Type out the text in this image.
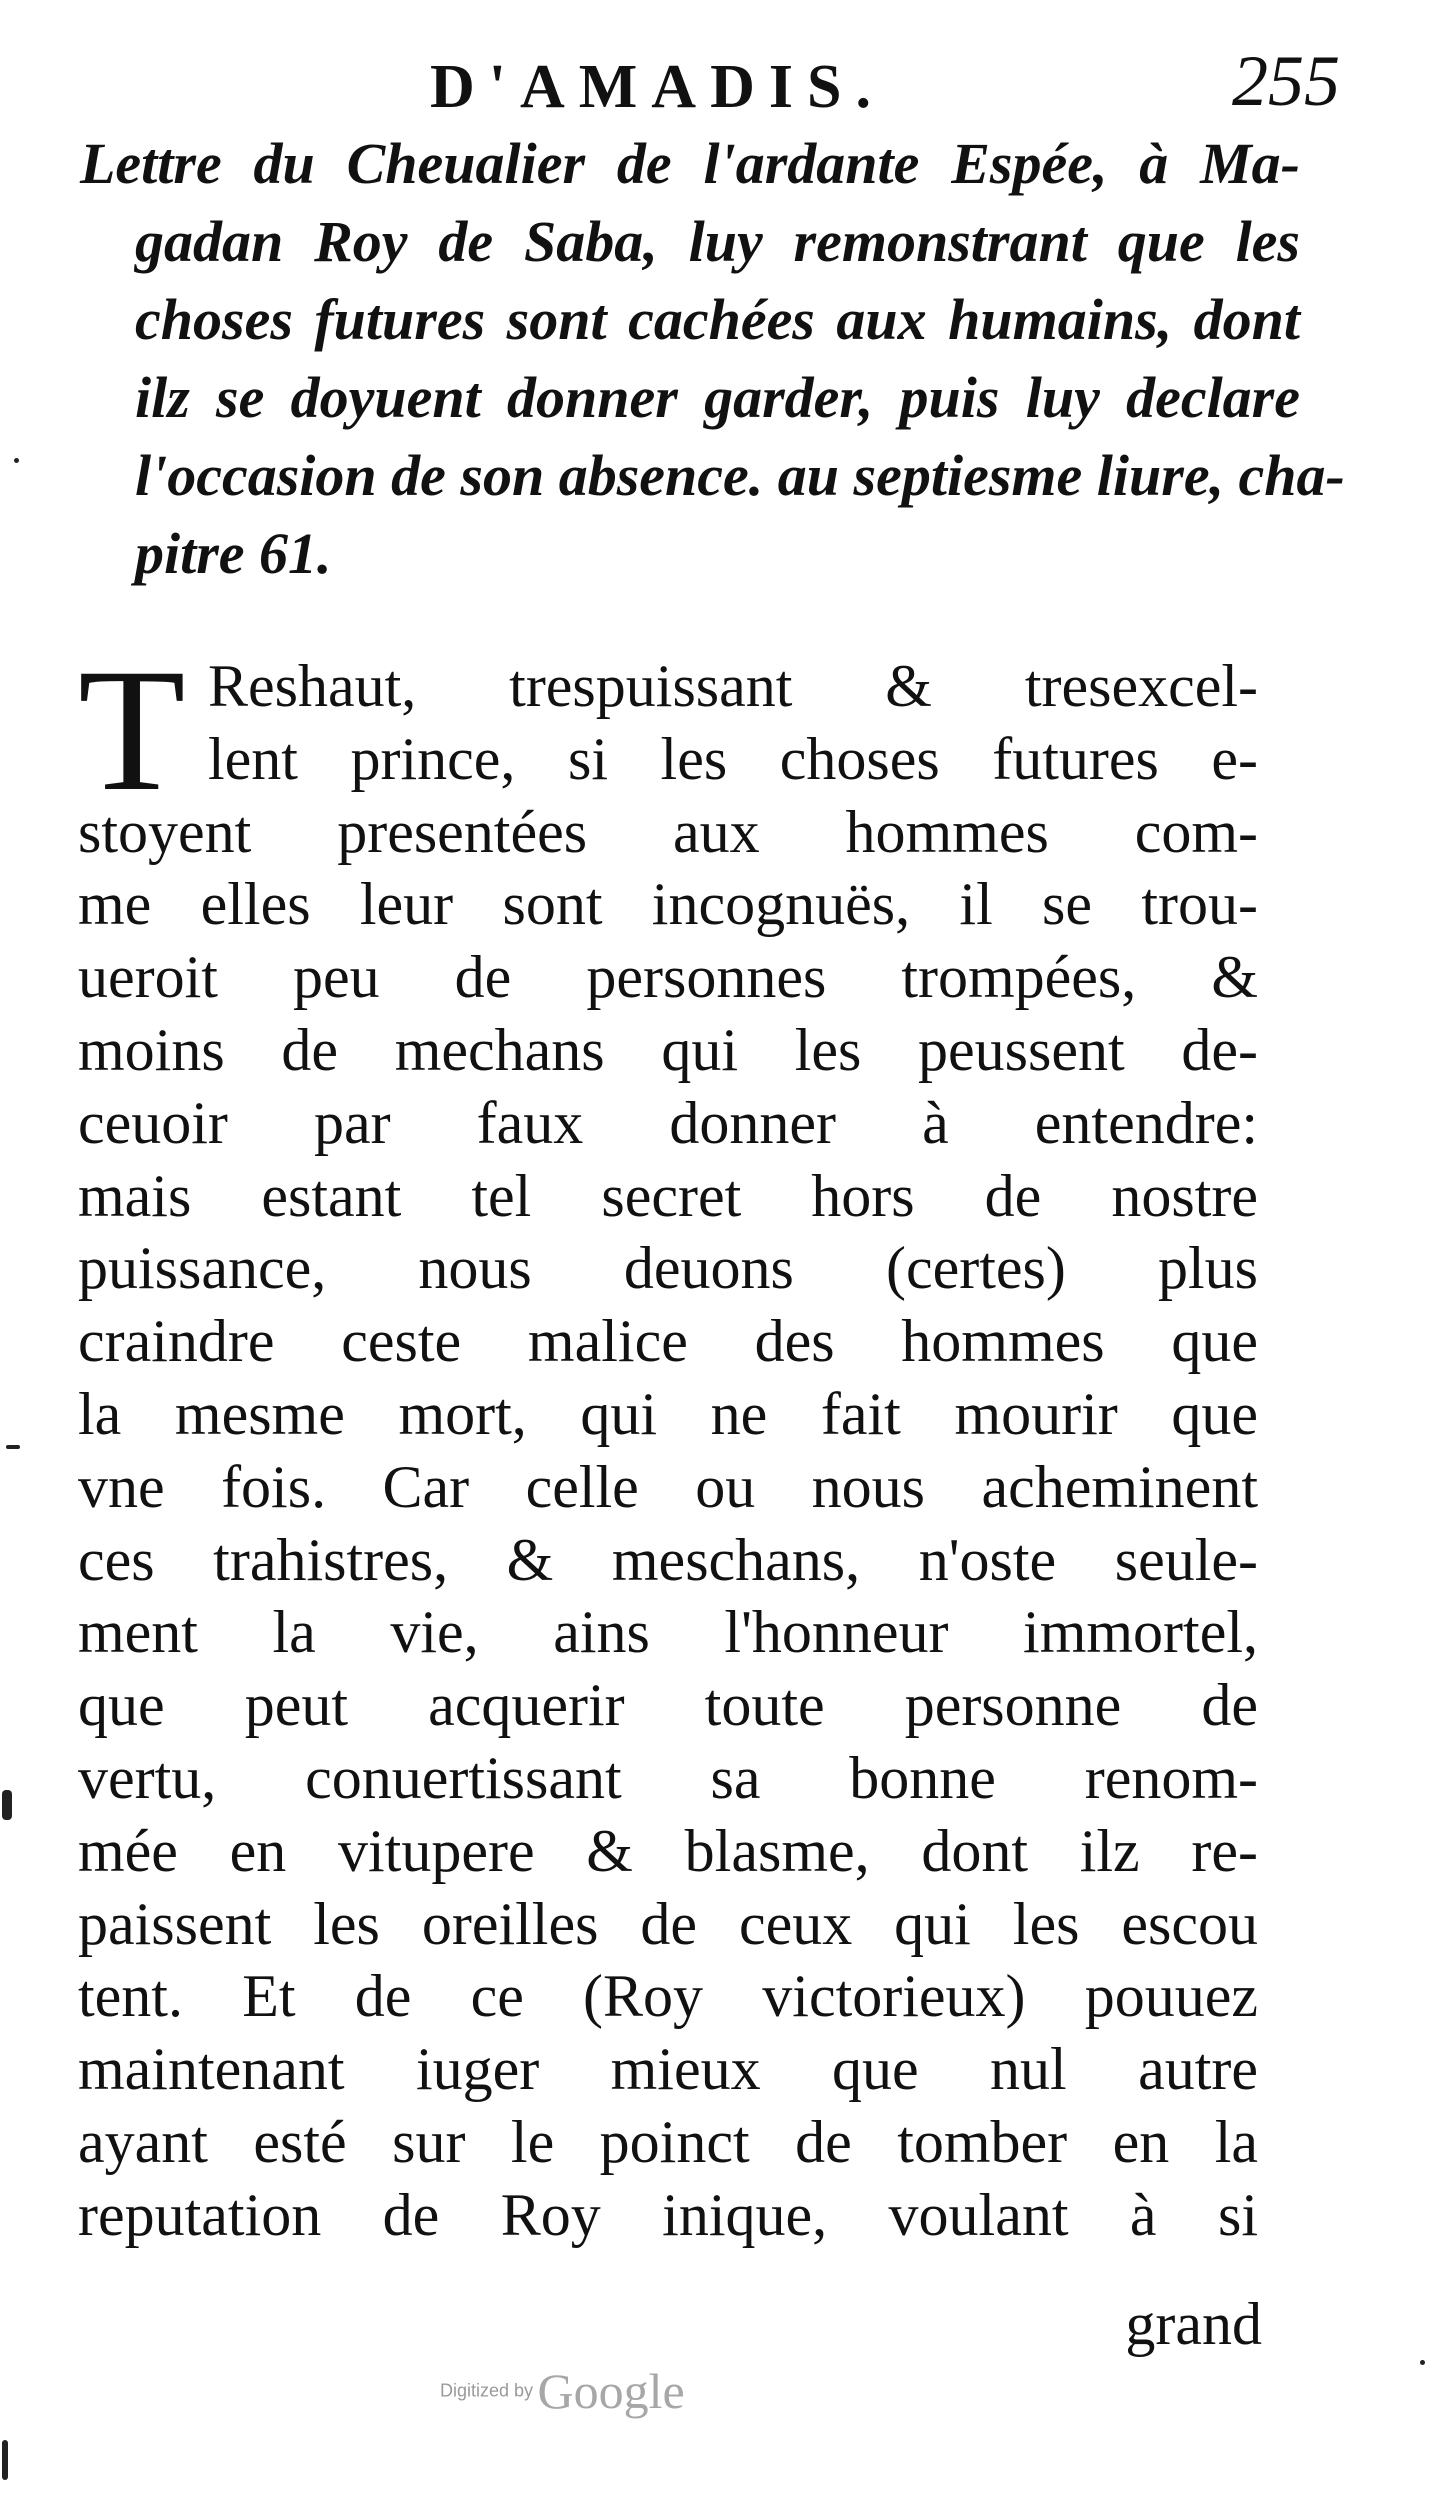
D'AMADIS.	255
Lettre du Cheualier de l'ardante Espée, à Ma-
gadan Roy de Saba, luy remonstrant que les
choses futures sont cachées aux humains, dont
ilz se doyuent donner garder, puis luy declare
l'occasion de son absence. au septiesme liure, cha-
pitre 61.
T Reshaut, trespuissant & tresexcel-
lent prince, si les choses futures e-
stoyent presentées aux hommes com-
me elles leur sont incognuës, il se trou-
ueroit peu de personnes trompées, &
moins de mechans qui les peussent de-
ceuoir par faux donner à entendre:
mais estant tel secret hors de nostre
puissance, nous deuons (certes) plus
craindre ceste malice des hommes que
la mesme mort, qui ne fait mourir que
vne fois. Car celle ou nous acheminent
ces trahistres, & meschans, n'oste seule-
ment la vie, ains l'honneur immortel,
que peut acquerir toute personne de
vertu, conuertissant sa bonne renom-
mée en vitupere & blasme, dont ilz re-
paissent les oreilles de ceux qui les escou
tent. Et de ce (Roy victorieux) pouuez
maintenant iuger mieux que nul autre
ayant esté sur le poinct de tomber en la
reputation de Roy inique, voulant à si
grand
Digitized by Google
